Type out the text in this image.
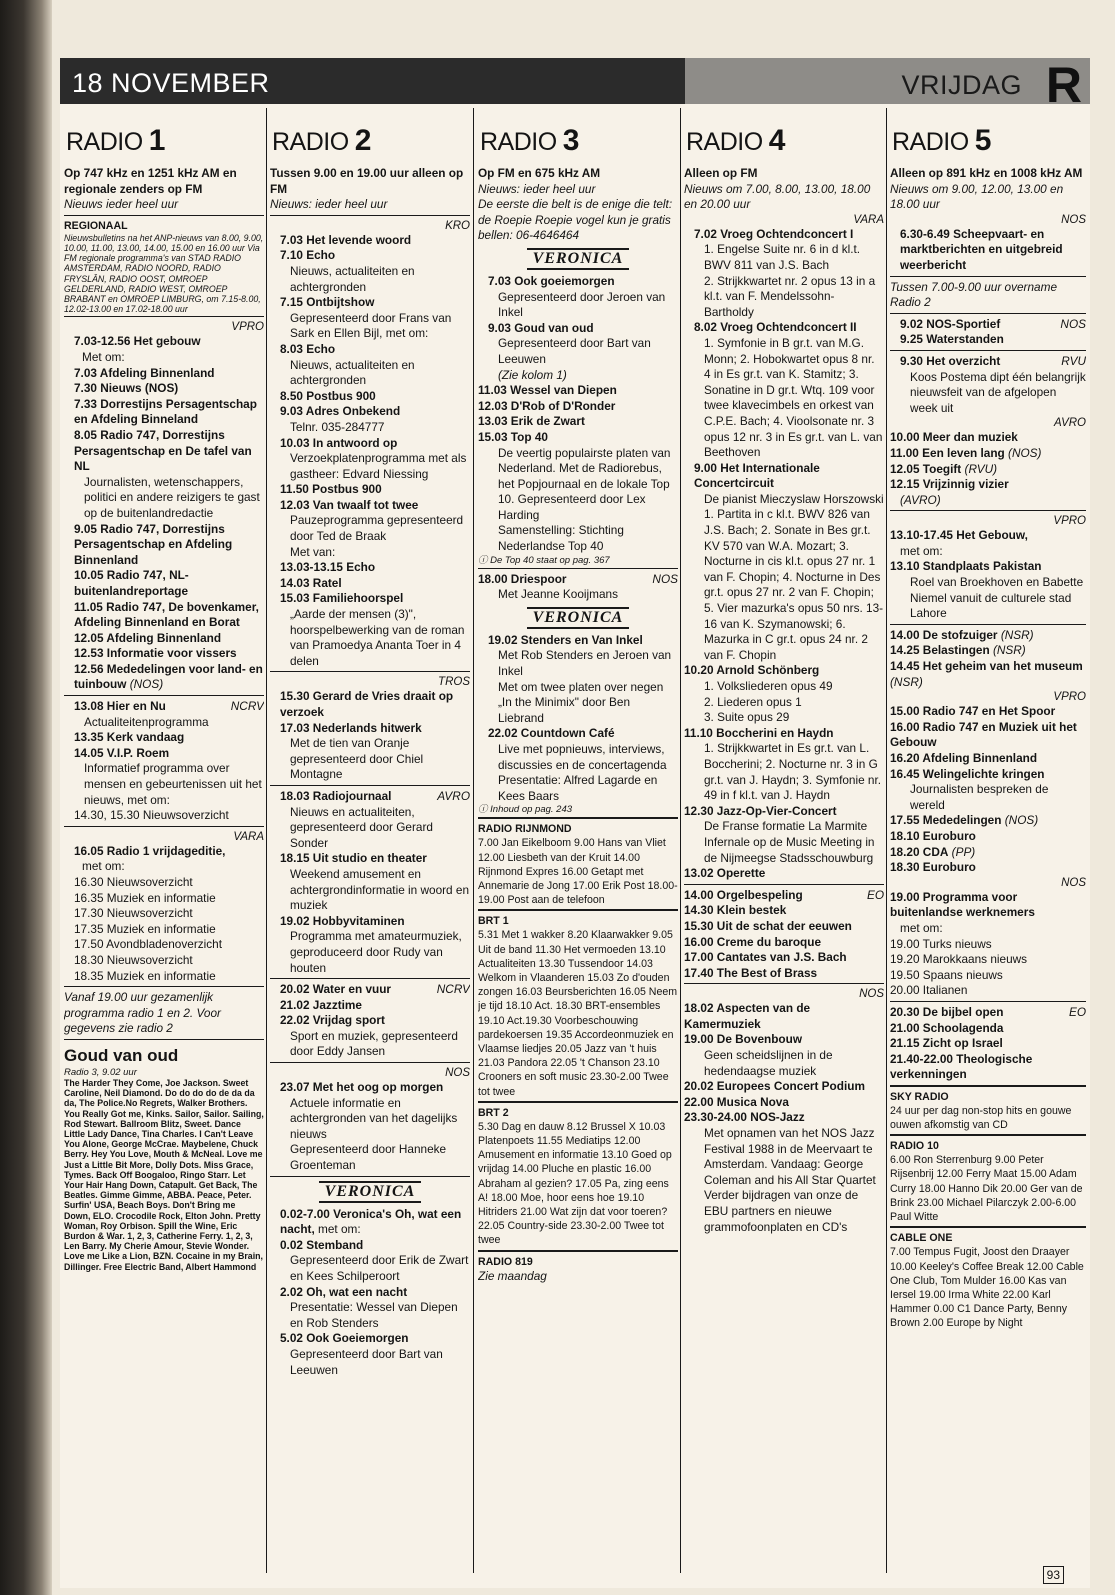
18 NOVEMBER	VRIJDAG R
RADIO 1
Op 747 kHz en 1251 kHz AM en regionale zenders op FM
Nieuws ieder heel uur
REGIONAAL
Nieuwsbulletins na het ANP-nieuws van 8.00, 9.00, 10.00, 11.00, 13.00, 14.00, 15.00 en 16.00 uur Via FM regionale programma's van STAD RADIO AMSTERDAM, RADIO NOORD, RADIO FRYSLÂN, RADIO OOST, OMROEP GELDERLAND, RADIO WEST, OMROEP BRABANT en OMROEP LIMBURG, om 7.15-8.00, 12.02-13.00 en 17.02-18.00 uur
VPRO
7.03-12.56 Het gebouw
Met om:
7.03 Afdeling Binnenland
7.30 Nieuws (NOS)
7.33 Dorrestijns Persagentschap en Afdeling Binneland
8.05 Radio 747, Dorrestijns Persagentschap en De tafel van NL
Journalisten, wetenschappers, politici en andere reizigers te gast op de buitenlandredactie
9.05 Radio 747, Dorrestijns Persagentschap en Afdeling Binnenland
10.05 Radio 747, NL-buitenlandreportage
11.05 Radio 747, De bovenkamer, Afdeling Binnenland en Borat
12.05 Afdeling Binnenland
12.53 Informatie voor vissers
12.56 Mededelingen voor land- en tuinbouw (NOS)
13.08 Hier en Nu	NCRV
Actualiteitenprogramma
13.35 Kerk vandaag
14.05 V.I.P. Roem
Informatief programma over mensen en gebeurtenissen uit het nieuws, met om:
14.30, 15.30 Nieuwsoverzicht
VARA
16.05 Radio 1 vrijdageditie,
met om:
16.30 Nieuwsoverzicht
16.35 Muziek en informatie
17.30 Nieuwsoverzicht
17.35 Muziek en informatie
17.50 Avondbladenoverzicht
18.30 Nieuwsoverzicht
18.35 Muziek en informatie
Vanaf 19.00 uur gezamenlijk programma radio 1 en 2. Voor gegevens zie radio 2
Goud van oud
Radio 3, 9.02 uur
The Harder They Come, Joe Jackson. Sweet Caroline, Neil Diamond. Do do do do de da da da, The Police.No Regrets, Walker Brothers. You Really Got me, Kinks. Sailor, Sailor. Sailing, Rod Stewart. Ballroom Blitz, Sweet. Dance Little Lady Dance, Tina Charles. I Can't Leave You Alone, George McCrae. Maybelene, Chuck Berry. Hey You Love, Mouth & McNeal. Love me Just a Little Bit More, Dolly Dots. Miss Grace, Tymes. Back Off Boogaloo, Ringo Starr. Let Your Hair Hang Down, Catapult. Get Back, The Beatles. Gimme Gimme, ABBA. Peace, Peter. Surfin' USA, Beach Boys. Don't Bring me Down, ELO. Crocodile Rock, Elton John. Pretty Woman, Roy Orbison. Spill the Wine, Eric Burdon & War. 1, 2, 3, Catherine Ferry. 1, 2, 3, Len Barry. My Cherie Amour, Stevie Wonder. Love me Like a Lion, BZN. Cocaine in my Brain, Dillinger. Free Electric Band, Albert Hammond
RADIO 2
Tussen 9.00 en 19.00 uur alleen op FM
Nieuws: ieder heel uur
KRO
7.03 Het levende woord
7.10 Echo
Nieuws, actualiteiten en achtergronden
7.15 Ontbijtshow
Gepresenteerd door Frans van Sark en Ellen Bijl, met om:
8.03 Echo
Nieuws, actualiteiten en achtergronden
8.50 Postbus 900
9.03 Adres Onbekend
Telnr. 035-284777
10.03 In antwoord op
Verzoekplatenprogramma met als gastheer: Edvard Niessing
11.50 Postbus 900
12.03 Van twaalf tot twee
Pauzeprogramma gepresenteerd door Ted de Braak
Met van:
13.03-13.15 Echo
14.03 Ratel
15.03 Familiehoorspel
„Aarde der mensen (3)", hoorspelbewerking van de roman van Pramoedya Ananta Toer in 4 delen
TROS
15.30 Gerard de Vries draait op verzoek
17.03 Nederlands hitwerk
Met de tien van Oranje gepresenteerd door Chiel Montagne
18.03 Radiojournaal	AVRO
Nieuws en actualiteiten, gepresenteerd door Gerard Sonder
18.15 Uit studio en theater
Weekend amusement en achtergrondinformatie in woord en muziek
19.02 Hobbyvitaminen
Programma met amateurmuziek, geproduceerd door Rudy van houten
20.02 Water en vuur	NCRV
21.02 Jazztime
22.02 Vrijdag sport
Sport en muziek, gepresenteerd door Eddy Jansen
NOS
23.07 Met het oog op morgen
Actuele informatie en achtergronden van het dagelijks nieuws
Gepresenteerd door Hanneke Groenteman
VERONICA
0.02-7.00 Veronica's Oh, wat een nacht, met om:
0.02 Stemband
Gepresenteerd door Erik de Zwart en Kees Schilperoort
2.02 Oh, wat een nacht
Presentatie: Wessel van Diepen en Rob Stenders
5.02 Ook Goeiemorgen
Gepresenteerd door Bart van Leeuwen
RADIO 3
Op FM en 675 kHz AM
Nieuws: ieder heel uur
De eerste die belt is de enige die telt: de Roepie Roepie vogel kun je gratis bellen: 06-4646464
VERONICA
7.03 Ook goeiemorgen
Gepresenteerd door Jeroen van Inkel
9.03 Goud van oud
Gepresenteerd door Bart van Leeuwen
(Zie kolom 1)
11.03 Wessel van Diepen
12.03 D'Rob of D'Ronder
13.03 Erik de Zwart
15.03 Top 40
De veertig populairste platen van Nederland. Met de Radiorebus, het Popjournaal en de lokale Top 10. Gepresenteerd door Lex Harding
Samenstelling: Stichting Nederlandse Top 40
ⓘ De Top 40 staat op pag. 367
18.00 Driespoor	NOS
Met Jeanne Kooijmans
VERONICA
19.02 Stenders en Van Inkel
Met Rob Stenders en Jeroen van Inkel
Met om twee platen over negen „In the Minimix" door Ben Liebrand
22.02 Countdown Café
Live met popnieuws, interviews, discussies en de concertagenda
Presentatie: Alfred Lagarde en Kees Baars
ⓘ Inhoud op pag. 243
RADIO RIJNMOND
7.00 Jan Eikelboom 9.00 Hans van Vliet 12.00 Liesbeth van der Kruit 14.00 Rijnmond Expres 16.00 Getapt met Annemarie de Jong 17.00 Erik Post 18.00-19.00 Post aan de telefoon
BRT 1
5.31 Met 1 wakker 8.20 Klaarwakker 9.05 Uit de band 11.30 Het vermoeden 13.10 Actualiteiten 13.30 Tussendoor 14.03 Welkom in Vlaanderen 15.03 Zo d'ouden zongen 16.03 Beursberichten 16.05 Neem je tijd 18.10 Act. 18.30 BRT-ensembles 19.10 Act.19.30 Voorbeschouwing pardekoersen 19.35 Accordeonmuziek en Vlaamse liedjes 20.05 Jazz van 't huis 21.03 Pandora 22.05 't Chanson 23.10 Crooners en soft music 23.30-2.00 Twee tot twee
BRT 2
5.30 Dag en dauw 8.12 Brussel X 10.03 Platenpoets 11.55 Mediatips 12.00 Amusement en informatie 13.10 Goed op vrijdag 14.00 Pluche en plastic 16.00 Abraham al gezien? 17.05 Pa, zing eens A! 18.00 Moe, hoor eens hoe 19.10 Hitriders 21.00 Wat zijn dat voor toeren? 22.05 Country-side 23.30-2.00 Twee tot twee
RADIO 819
Zie maandag
RADIO 4
Alleen op FM
Nieuws om 7.00, 8.00, 13.00, 18.00 en 20.00 uur
VARA
7.02 Vroeg Ochtendconcert I
1. Engelse Suite nr. 6 in d kl.t. BWV 811 van J.S. Bach
2. Strijkkwartet nr. 2 opus 13 in a kl.t. van F. Mendelssohn-Bartholdy
8.02 Vroeg Ochtendconcert II
1. Symfonie in B gr.t. van M.G. Monn; 2. Hobokwartet opus 8 nr. 4 in Es gr.t. van K. Stamitz; 3. Sonatine in D gr.t. Wtq. 109 voor twee klavecimbels en orkest van C.P.E. Bach; 4. Vioolsonate nr. 3 opus 12 nr. 3 in Es gr.t. van L. van Beethoven
9.00 Het Internationale Concertcircuit
De pianist Mieczyslaw Horszowski
1. Partita in c kl.t. BWV 826 van J.S. Bach; 2. Sonate in Bes gr.t. KV 570 van W.A. Mozart; 3. Nocturne in cis kl.t. opus 27 nr. 1 van F. Chopin; 4. Nocturne in Des gr.t. opus 27 nr. 2 van F. Chopin; 5. Vier mazurka's opus 50 nrs. 13-16 van K. Szymanowski; 6. Mazurka in C gr.t. opus 24 nr. 2 van F. Chopin
10.20 Arnold Schönberg
1. Volksliederen opus 49
2. Liederen opus 1
3. Suite opus 29
11.10 Boccherini en Haydn
1. Strijkkwartet in Es gr.t. van L. Boccherini; 2. Nocturne nr. 3 in G gr.t. van J. Haydn; 3. Symfonie nr. 49 in f kl.t. van J. Haydn
12.30 Jazz-Op-Vier-Concert
De Franse formatie La Marmite Infernale op de Music Meeting in de Nijmeegse Stadsschouwburg
13.02 Operette
14.00 Orgelbespeling	EO
14.30 Klein bestek
15.30 Uit de schat der eeuwen
16.00 Creme du baroque
17.00 Cantates van J.S. Bach
17.40 The Best of Brass
NOS
18.02 Aspecten van de Kamermuziek
19.00 De Bovenbouw
Geen scheidslijnen in de hedendaagse muziek
20.02 Europees Concert Podium
22.00 Musica Nova
23.30-24.00 NOS-Jazz
Met opnamen van het NOS Jazz Festival 1988 in de Meervaart te Amsterdam. Vandaag: George Coleman and his All Star Quartet Verder bijdragen van onze de EBU partners en nieuwe grammofoonplaten en CD's
RADIO 5
Alleen op 891 kHz en 1008 kHz AM
Nieuws om 9.00, 12.00, 13.00 en 18.00 uur
NOS
6.30-6.49 Scheepvaart- en marktberichten en uitgebreid weerbericht
Tussen 7.00-9.00 uur overname Radio 2
9.02 NOS-Sportief	NOS
9.25 Waterstanden
9.30 Het overzicht	RVU
Koos Postema dipt één belangrijk nieuwsfeit van de afgelopen week uit
AVRO
10.00 Meer dan muziek
11.00 Een leven lang (NOS)
12.05 Toegift (RVU)
12.15 Vrijzinnig vizier
(AVRO)
VPRO
13.10-17.45 Het Gebouw,
met om:
13.10 Standplaats Pakistan
Roel van Broekhoven en Babette Niemel vanuit de culturele stad Lahore
14.00 De stofzuiger (NSR)
14.25 Belastingen (NSR)
14.45 Het geheim van het museum (NSR)
VPRO
15.00 Radio 747 en Het Spoor
16.00 Radio 747 en Muziek uit het Gebouw
16.20 Afdeling Binnenland
16.45 Welingelichte kringen
Journalisten bespreken de wereld
17.55 Mededelingen (NOS)
18.10 Euroburo
18.20 CDA (PP)
18.30 Euroburo
NOS
19.00 Programma voor buitenlandse werknemers
met om:
19.00 Turks nieuws
19.20 Marokkaans nieuws
19.50 Spaans nieuws
20.00 Italianen
20.30 De bijbel open	EO
21.00 Schoolagenda
21.15 Zicht op Israel
21.40-22.00 Theologische verkenningen
SKY RADIO
24 uur per dag non-stop hits en gouwe ouwen afkomstig van CD
RADIO 10
6.00 Ron Sterrenburg 9.00 Peter Rijsenbrij 12.00 Ferry Maat 15.00 Adam Curry 18.00 Hanno Dik 20.00 Ger van de Brink 23.00 Michael Pilarczyk 2.00-6.00 Paul Witte
CABLE ONE
7.00 Tempus Fugit, Joost den Draayer 10.00 Keeley's Coffee Break 12.00 Cable One Club, Tom Mulder 16.00 Kas van Iersel 19.00 Irma White 22.00 Karl Hammer 0.00 C1 Dance Party, Benny Brown 2.00 Europe by Night
93
